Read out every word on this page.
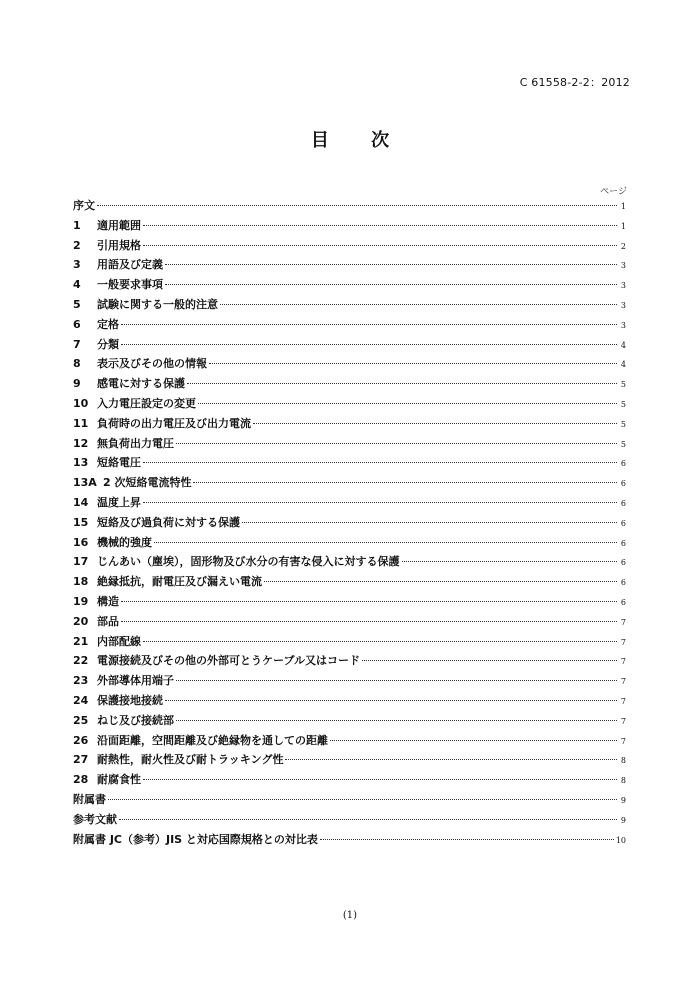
C 61558-2-2：2012
目 次
ページ
序文	1
1	適用範囲	1
2	引用規格	2
3	用語及び定義	3
4	一般要求事項	3
5	試験に関する一般的注意	3
6	定格	3
7	分類	4
8	表示及びその他の情報	4
9	感電に対する保護	5
10 入力電圧設定の変更	5
11 負荷時の出力電圧及び出力電流	5
12 無負荷出力電圧	5
13 短絡電圧	6
13A 2 次短絡電流特性	6
14 温度上昇	6
15 短絡及び過負荷に対する保護	6
16 機械的強度	6
17 じんあい（塵埃），固形物及び水分の有害な侵入に対する保護	6
18 絶縁抵抗，耐電圧及び漏えい電流	6
19 構造	6
20 部品	7
21 内部配線	7
22 電源接続及びその他の外部可とうケーブル又はコード	7
23 外部導体用端子	7
24 保護接地接続	7
25 ねじ及び接続部	7
26 沿面距離，空間距離及び絶縁物を通しての距離	7
27 耐熱性，耐火性及び耐トラッキング性	8
28 耐腐食性	8
附属書	9
参考文献	9
附属書 JC（参考）JIS と対応国際規格との対比表	10
(1)
